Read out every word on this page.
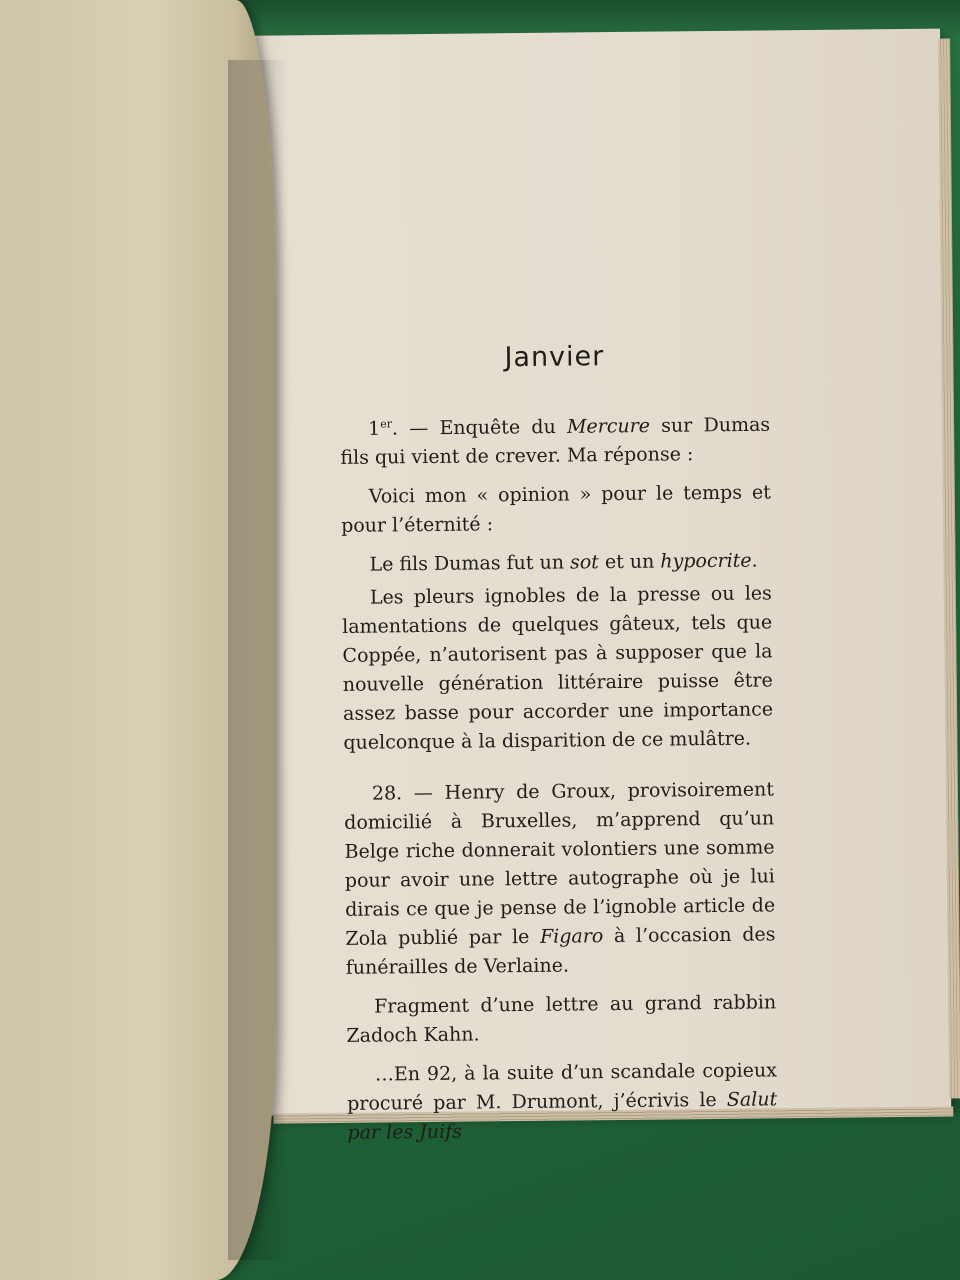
Janvier

1er. — Enquête du Mercure sur Dumas fils qui vient de crever. Ma réponse :

Voici mon « opinion » pour le temps et pour l’éternité :

Le fils Dumas fut un sot et un hypocrite.

Les pleurs ignobles de la presse ou les lamentations de quelques gâteux, tels que Coppée, n’autorisent pas à supposer que la nouvelle génération littéraire puisse être assez basse pour accorder une importance quelconque à la disparition de ce mulâtre.

28. — Henry de Groux, provisoirement domicilié à Bruxelles, m’apprend qu’un Belge riche donnerait volontiers une somme pour avoir une lettre autographe où je lui dirais ce que je pense de l’ignoble article de Zola publié par le Figaro à l’occasion des funérailles de Verlaine.

Fragment d’une lettre au grand rabbin Zadoch Kahn.

…En 92, à la suite d’un scandale copieux procuré par M. Drumont, j’écrivis le Salut par les Juifs
